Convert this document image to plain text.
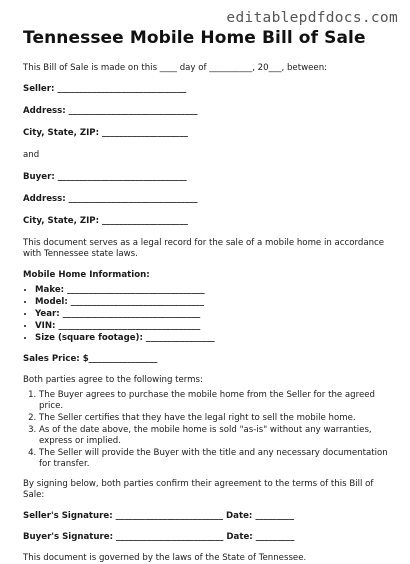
editablepdfdocs.com
Tennessee Mobile Home Bill of Sale

This Bill of Sale is made on this ____ day of __________, 20___, between:

Seller: ______________________________

Address: ______________________________

City, State, ZIP: ____________________

and

Buyer: ______________________________

Address: ______________________________

City, State, ZIP: ____________________

This document serves as a legal record for the sale of a mobile home in accordance with Tennessee state laws.

Mobile Home Information:

• Make: ________________________________
• Model: _______________________________
• Year: ________________________________
• VIN: _________________________________
• Size (square footage): ________________

Sales Price: $________________

Both parties agree to the following terms:

1. The Buyer agrees to purchase the mobile home from the Seller for the agreed price.
2. The Seller certifies that they have the legal right to sell the mobile home.
3. As of the date above, the mobile home is sold "as-is" without any warranties, express or implied.
4. The Seller will provide the Buyer with the title and any necessary documentation for transfer.

By signing below, both parties confirm their agreement to the terms of this Bill of Sale:

Seller's Signature: _________________________ Date: _________

Buyer's Signature: _________________________ Date: _________

This document is governed by the laws of the State of Tennessee.
